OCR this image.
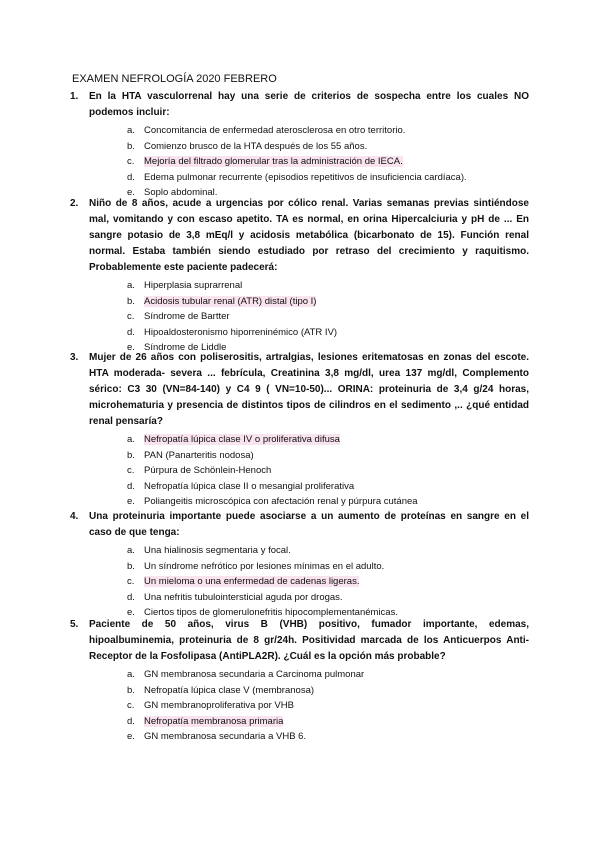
EXAMEN NEFROLOGÍA 2020 FEBRERO
1. En la HTA vasculorrenal hay una serie de criterios de sospecha entre los cuales NO podemos incluir:

a. Concomitancia de enfermedad aterosclerosa en otro territorio.
b. Comienzo brusco de la HTA después de los 55 años.
c. Mejoría del filtrado glomerular tras la administración de IECA.
d. Edema pulmonar recurrente (episodios repetitivos de insuficiencia cardíaca).
e. Soplo abdominal.
2. Niño de 8 años, acude a urgencias por cólico renal. Varias semanas previas sintiéndose mal, vomitando y con escaso apetito. TA es normal, en orina Hipercalciuria y pH de ... En sangre potasio de 3,8 mEq/l y acidosis metabólica (bicarbonato de 15). Función renal normal. Estaba también siendo estudiado por retraso del crecimiento y raquitismo. Probablemente este paciente padecerá:

a. Hiperplasia suprarrenal
b. Acidosis tubular renal (ATR) distal (tipo I)
c. Síndrome de Bartter
d. Hipoaldosteronismo hiporreninémico (ATR IV)
e. Síndrome de Liddle
3. Mujer de 26 años con poliserositis, artralgias, lesiones eritematosas en zonas del escote. HTA moderada- severa ... febrícula, Creatinina 3,8 mg/dl, urea 137 mg/dl, Complemento sérico: C3 30 (VN=84-140) y C4 9 ( VN=10-50)... ORINA: proteinuria de 3,4 g/24 horas, microhematuria y presencia de distintos tipos de cilindros en el sedimento ,.. ¿qué entidad renal pensaría?

a. Nefropatía lúpica clase IV o proliferativa difusa
b. PAN (Panarteritis nodosa)
c. Púrpura de Schönlein-Henoch
d. Nefropatía lúpica clase II o mesangial proliferativa
e. Poliangeitis microscópica con afectación renal y púrpura cutánea
4. Una proteinuria importante puede asociarse a un aumento de proteínas en sangre en el caso de que tenga:

a. Una hialinosis segmentaria y focal.
b. Un síndrome nefrótico por lesiones mínimas en el adulto.
c. Un mieloma o una enfermedad de cadenas ligeras.
d. Una nefritis tubulointersticial aguda por drogas.
e. Ciertos tipos de glomerulonefritis hipocomplementanémicas.
5. Paciente de 50 años, virus B (VHB) positivo, fumador importante, edemas, hipoalbuminemia, proteinuria de 8 gr/24h. Positividad marcada de los Anticuerpos Anti-Receptor de la Fosfolipasa (AntiPLA2R). ¿Cuál es la opción más probable?

a. GN membranosa secundaria a Carcinoma pulmonar
b. Nefropatía lúpica clase V (membranosa)
c. GN membranoproliferativa por VHB
d. Nefropatía membranosa primaria
e. GN membranosa secundaria a VHB 6.
